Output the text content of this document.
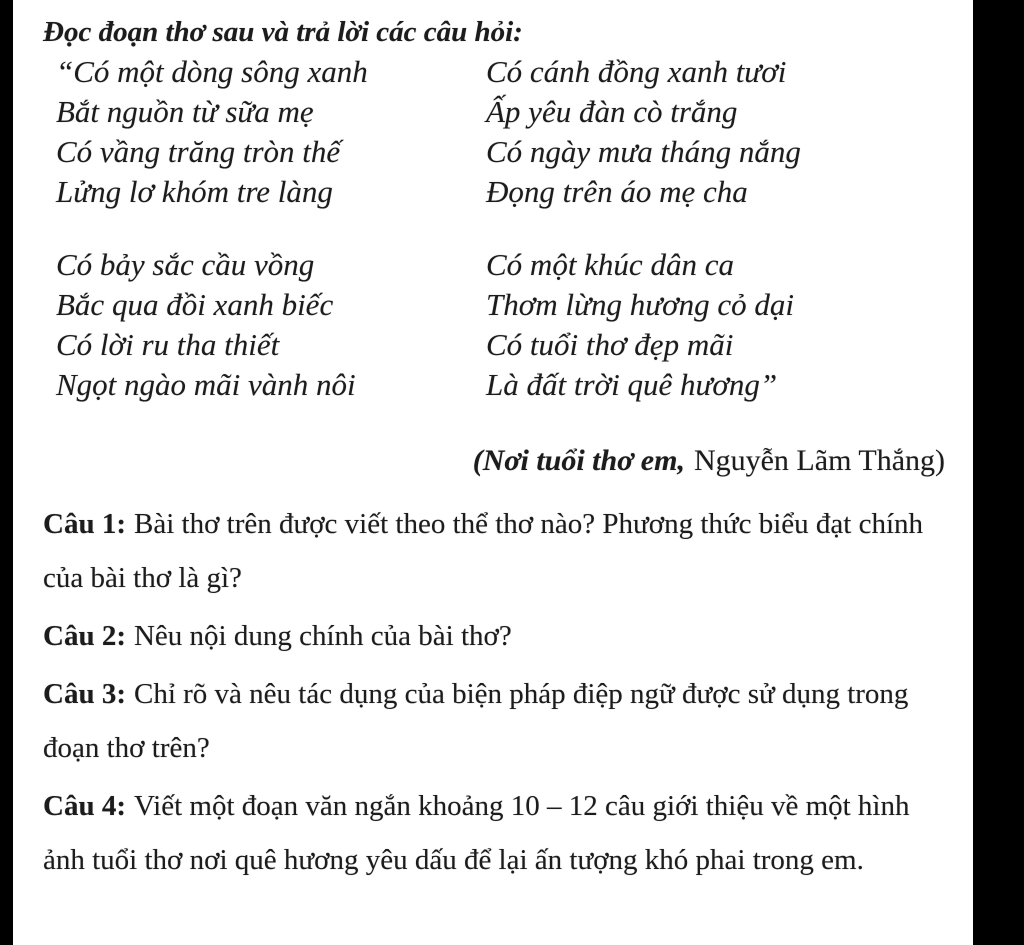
Đọc đoạn thơ sau và trả lời các câu hỏi:
“Có một dòng sông xanh
Bắt nguồn từ sữa mẹ
Có vầng trăng tròn thế
Lửng lơ khóm tre làng
Có cánh đồng xanh tươi
Ấp yêu đàn cò trắng
Có ngày mưa tháng nắng
Đọng trên áo mẹ cha
Có bảy sắc cầu vồng
Bắc qua đồi xanh biếc
Có lời ru tha thiết
Ngọt ngào mãi vành nôi
Có một khúc dân ca
Thơm lừng hương cỏ dại
Có tuổi thơ đẹp mãi
Là đất trời quê hương”
(Nơi tuổi thơ em, Nguyễn Lãm Thắng)

Câu 1: Bài thơ trên được viết theo thể thơ nào? Phương thức biểu đạt chính của bài thơ là gì?

Câu 2: Nêu nội dung chính của bài thơ?

Câu 3: Chỉ rõ và nêu tác dụng của biện pháp điệp ngữ được sử dụng trong đoạn thơ trên?

Câu 4: Viết một đoạn văn ngắn khoảng 10 – 12 câu giới thiệu về một hình ảnh tuổi thơ nơi quê hương yêu dấu để lại ấn tượng khó phai trong em.
